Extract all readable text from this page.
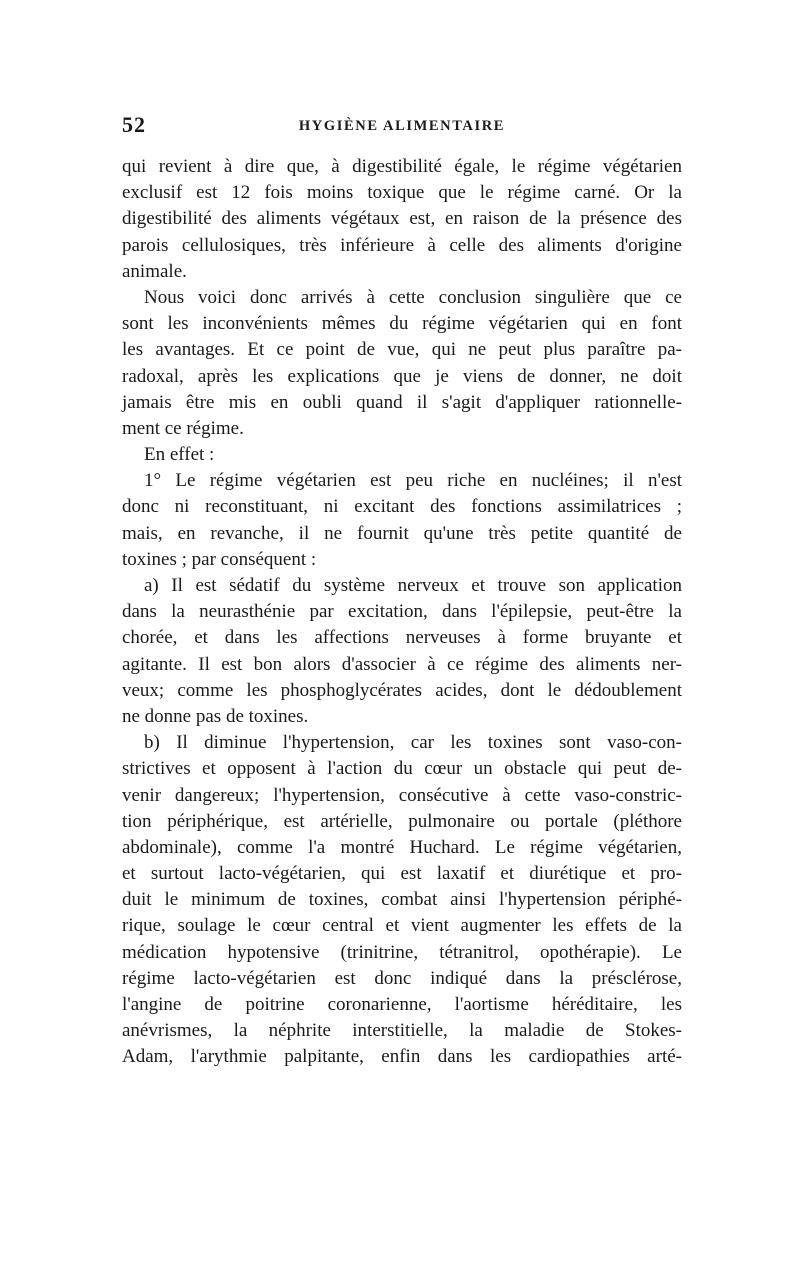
52	HYGIÈNE ALIMENTAIRE
qui revient à dire que, à digestibilité égale, le régime végétarien
exclusif est 12 fois moins toxique que le régime carné. Or la
digestibilité des aliments végétaux est, en raison de la présence des
parois cellulosiques, très inférieure à celle des aliments d'origine
animale.
Nous voici donc arrivés à cette conclusion singulière que ce
sont les inconvénients mêmes du régime végétarien qui en font
les avantages. Et ce point de vue, qui ne peut plus paraître pa-
radoxal, après les explications que je viens de donner, ne doit
jamais être mis en oubli quand il s'agit d'appliquer rationnelle-
ment ce régime.
En effet :
1° Le régime végétarien est peu riche en nucléines; il n'est
donc ni reconstituant, ni excitant des fonctions assimilatrices ;
mais, en revanche, il ne fournit qu'une très petite quantité de
toxines ; par conséquent :
a) Il est sédatif du système nerveux et trouve son application
dans la neurasthénie par excitation, dans l'épilepsie, peut-être la
chorée, et dans les affections nerveuses à forme bruyante et
agitante. Il est bon alors d'associer à ce régime des aliments ner-
veux; comme les phosphoglycérates acides, dont le dédoublement
ne donne pas de toxines.
b) Il diminue l'hypertension, car les toxines sont vaso-con-
strictives et opposent à l'action du cœur un obstacle qui peut de-
venir dangereux; l'hypertension, consécutive à cette vaso-constric-
tion périphérique, est artérielle, pulmonaire ou portale (pléthore
abdominale), comme l'a montré Huchard. Le régime végétarien,
et surtout lacto-végétarien, qui est laxatif et diurétique et pro-
duit le minimum de toxines, combat ainsi l'hypertension périphé-
rique, soulage le cœur central et vient augmenter les effets de la
médication hypotensive (trinitrine, tétranitrol, opothérapie). Le
régime lacto-végétarien est donc indiqué dans la présclérose,
l'angine de poitrine coronarienne, l'aortisme héréditaire, les
anévrismes, la néphrite interstitielle, la maladie de Stokes-
Adam, l'arythmie palpitante, enfin dans les cardiopathies arté-
